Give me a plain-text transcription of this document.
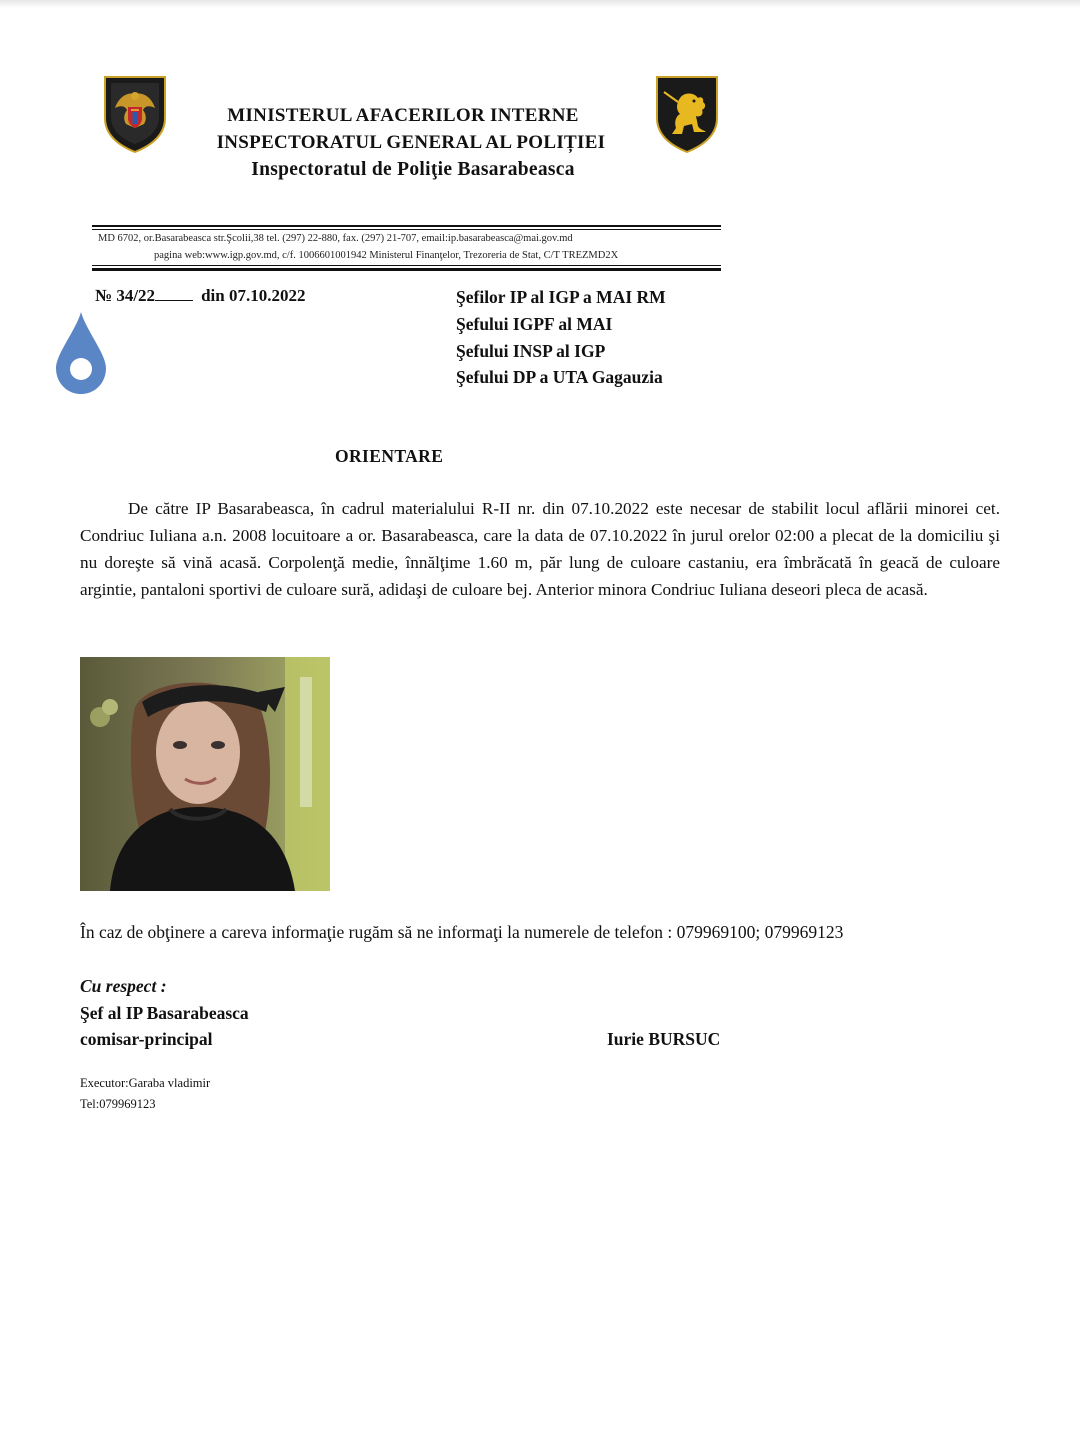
MINISTERUL AFACERILOR INTERNE
INSPECTORATUL GENERAL AL POLIȚIEI
Inspectoratul de Poliţie Basarabeasca
MD 6702, or.Basarabeasca str.Şcolii,38 tel. (297) 22-880, fax. (297) 21-707, email:ip.basarabeasca@mai.gov.md
pagina web:www.igp.gov.md, c/f. 1006601001942 Ministerul Finanţelor, Trezoreria de Stat, C/T TREZMD2X
№ 34/22	din 07.10.2022	Şefilor IP al IGP a MAI RM
Şefului IGPF al MAI
Şefului INSP al IGP
Şefului DP a UTA Gagauzia
ORIENTARE
De către IP Basarabeasca, în cadrul materialului R-II nr. din 07.10.2022 este necesar de stabilit locul aflării minorei cet. Condriuc Iuliana a.n. 2008 locuitoare a or. Basarabeasca, care la data de 07.10.2022 în jurul orelor 02:00 a plecat de la domiciliu şi nu doreşte să vină acasă. Corpolenţă medie, înnălţime 1.60 m, păr lung de culoare castaniu, era îmbrăcată în geacă de culoare argintie, pantaloni sportivi de culoare sură, adidaşi de culoare bej. Anterior minora Condriuc Iuliana deseori pleca de acasă.
În caz de obţinere a careva informaţie rugăm să ne informaţi la numerele de telefon : 079969100; 079969123
Cu respect :
Şef al IP Basarabeasca
comisar-principal	Iurie BURSUC
Executor:Garaba vladimir
Tel:079969123
